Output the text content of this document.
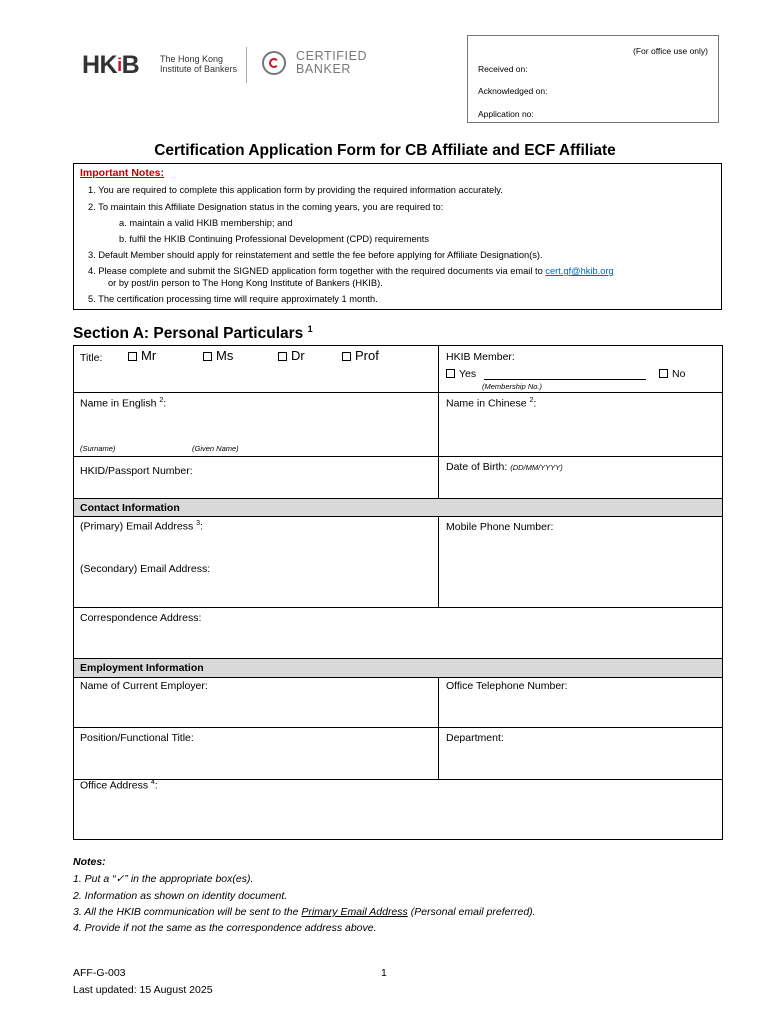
$HK^iB$ The Hong Kong
Institute of Bankers
CERTIFIED
BANKER
(For office use only)
Received on:
Acknowledged on:
Application no:
Certification Application Form for CB Affiliate and ECF Affiliate
Important Notes:
1. You are required to complete this application form by providing the required information accurately.
2. To maintain this Affiliate Designation status in the coming years, you are required to:
a. maintain a valid HKIB membership; and
b. fulfil the HKIB Continuing Professional Development (CPD) requirements
3. Default Member should apply for reinstatement and settle the fee before applying for Affiliate Designation(s).
4. Please complete and submit the SIGNED application form together with the required documents via email to cert.gf@hkib.org
or by post/in person to The Hong Kong Institute of Bankers (HKIB).
5. The certification processing time will require approximately 1 month.
Section A: Personal Particulars $^1$
Title:	Mr	Ms	Dr	Prof	HKIB Member:
Yes
(Membership No.)
No
Name in English $^2$:
(Surname)	(Given Name)
Name in Chinese $^2$:
HKID/Passport Number:	Date of Birth: (DD/MM/YYYY)
Contact Information
(Primary) Email Address $^3$:	Mobile Phone Number:
(Secondary) Email Address:
Correspondence Address:
Employment Information
Name of Current Employer:	Office Telephone Number:
Position/Functional Title:	Department:
Office Address $^4$:
Notes:
1. Put a “✓” in the appropriate box(es).
2. Information as shown on identity document.
3. All the HKIB communication will be sent to the Primary Email Address (Personal email preferred).
4. Provide if not the same as the correspondence address above.
AFF-G-003
Last updated: 15 August 2025
1
